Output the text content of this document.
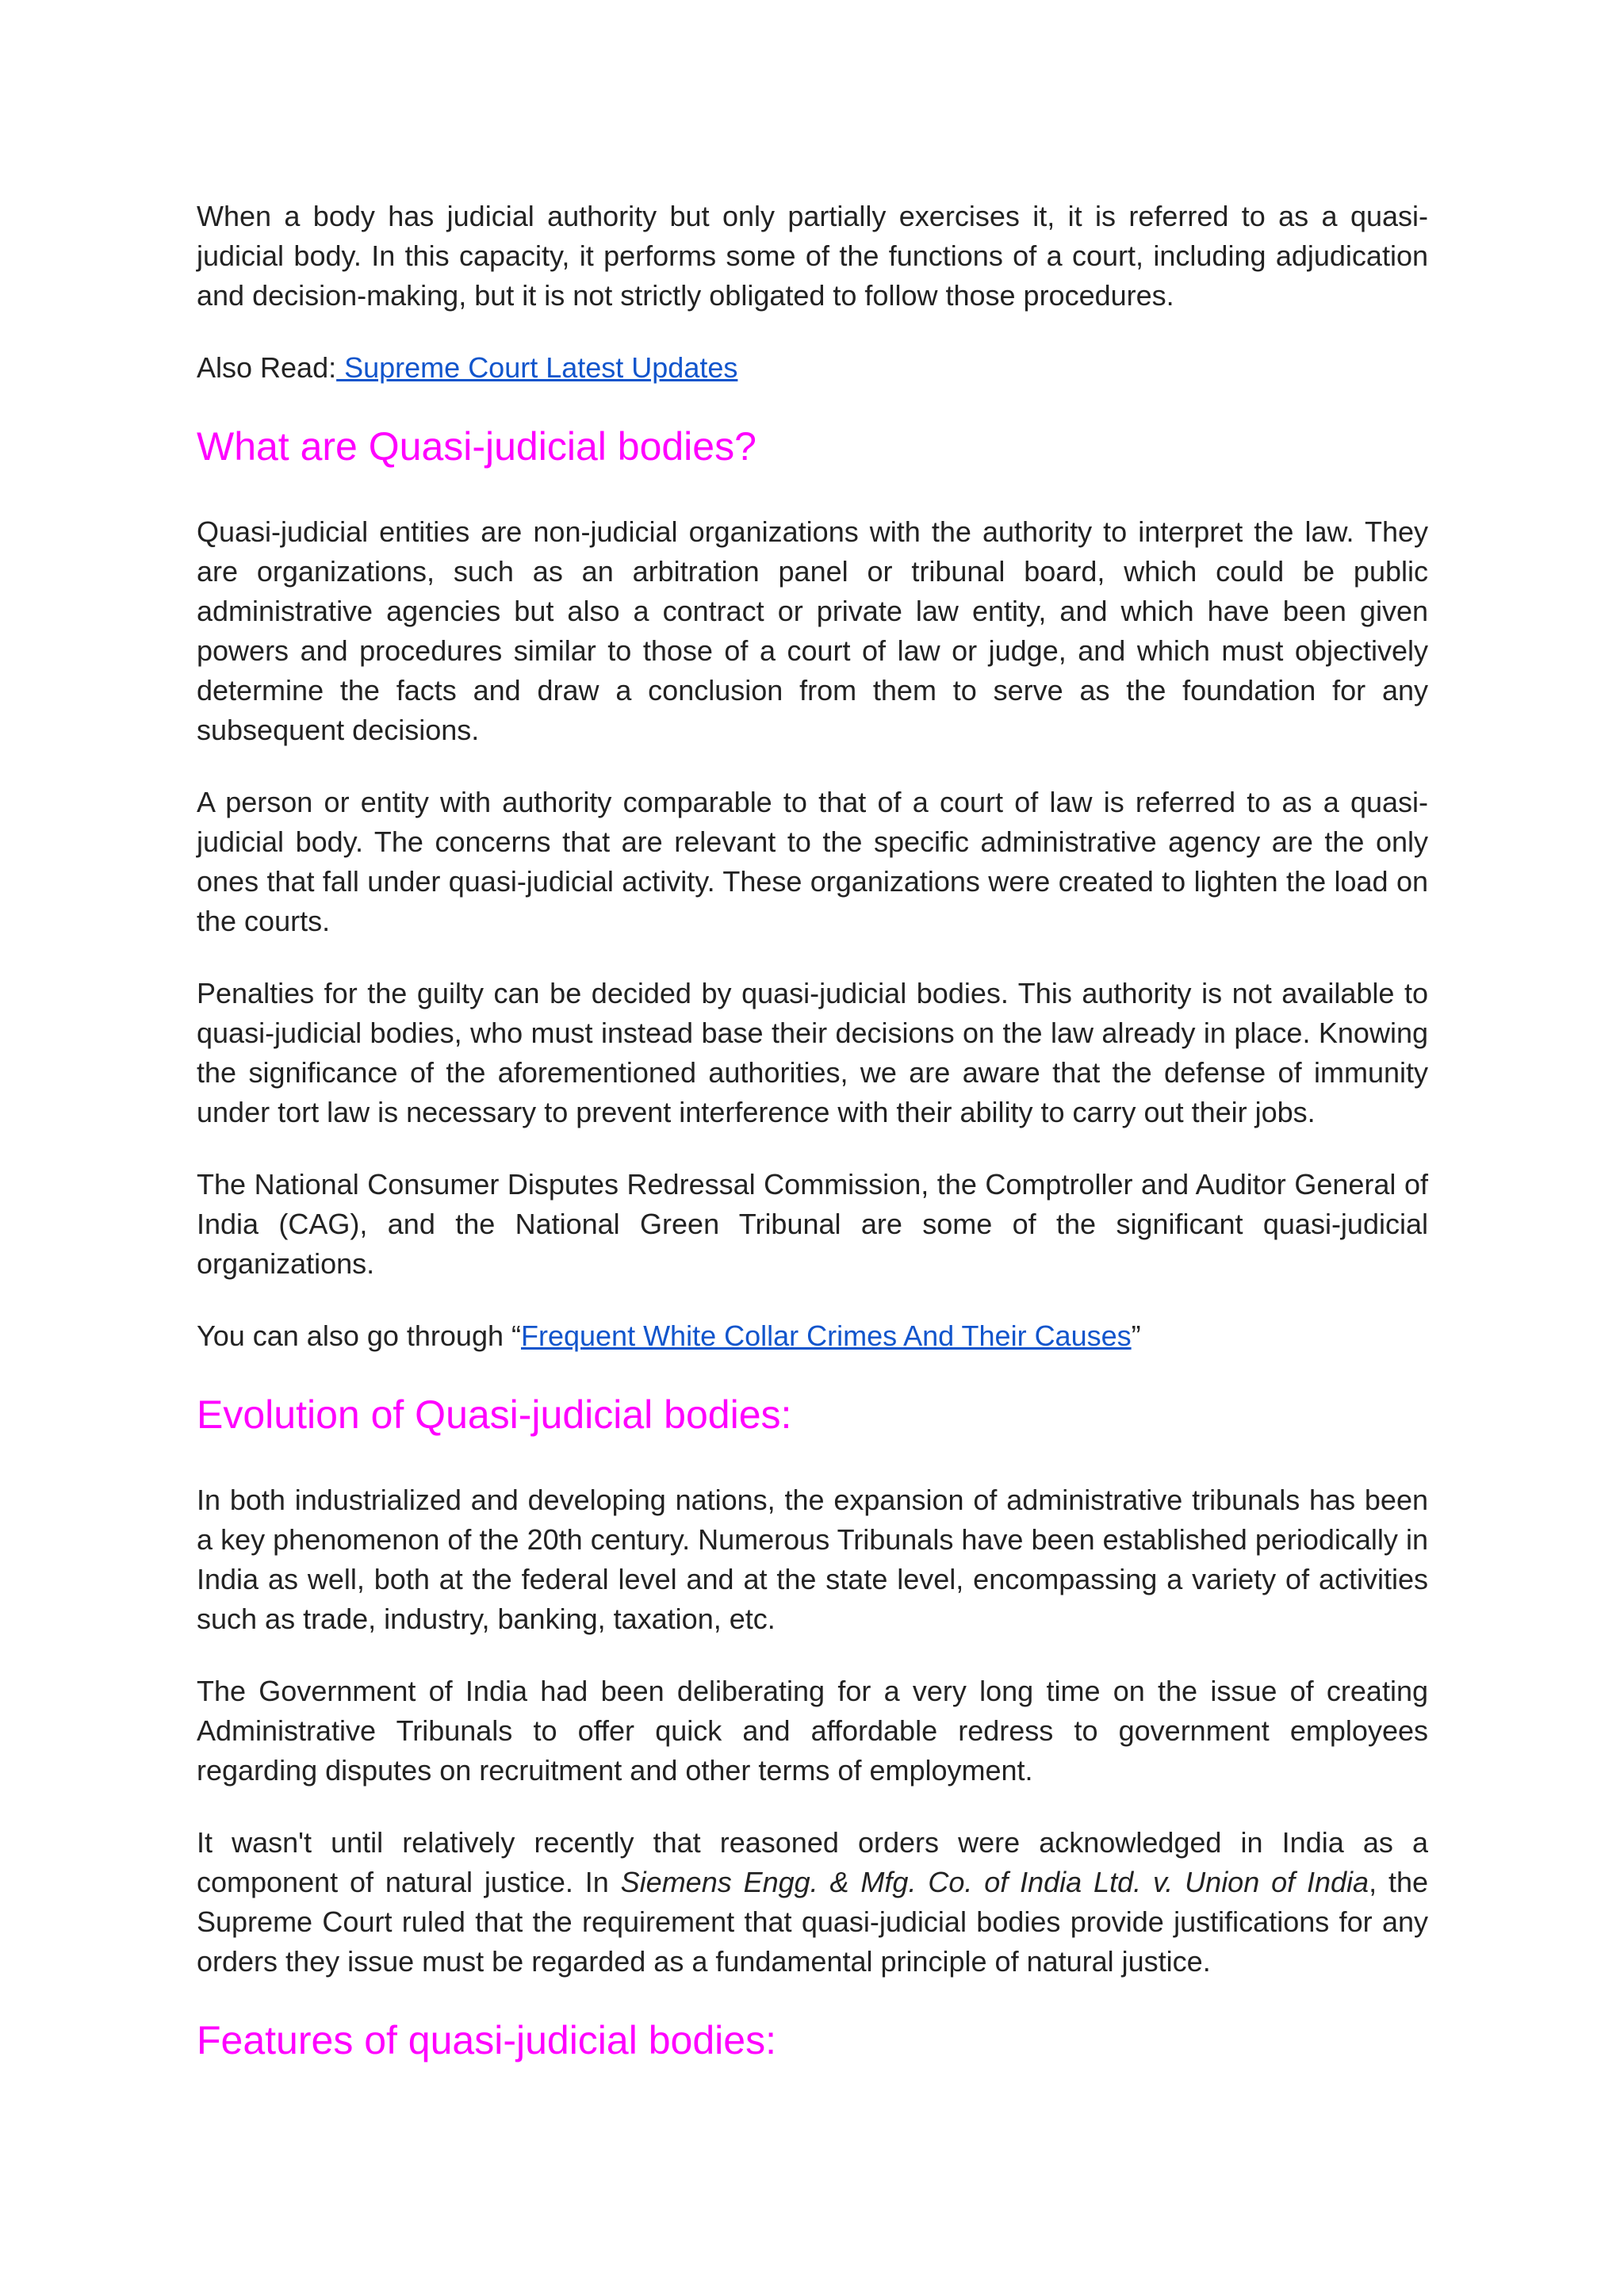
When a body has judicial authority but only partially exercises it, it is referred to as a quasi-judicial body. In this capacity, it performs some of the functions of a court, including adjudication and decision-making, but it is not strictly obligated to follow those procedures.

Also Read: Supreme Court Latest Updates

What are Quasi-judicial bodies?

Quasi-judicial entities are non-judicial organizations with the authority to interpret the law. They are organizations, such as an arbitration panel or tribunal board, which could be public administrative agencies but also a contract or private law entity, and which have been given powers and procedures similar to those of a court of law or judge, and which must objectively determine the facts and draw a conclusion from them to serve as the foundation for any subsequent decisions.

A person or entity with authority comparable to that of a court of law is referred to as a quasi-judicial body. The concerns that are relevant to the specific administrative agency are the only ones that fall under quasi-judicial activity. These organizations were created to lighten the load on the courts.

Penalties for the guilty can be decided by quasi-judicial bodies. This authority is not available to quasi-judicial bodies, who must instead base their decisions on the law already in place. Knowing the significance of the aforementioned authorities, we are aware that the defense of immunity under tort law is necessary to prevent interference with their ability to carry out their jobs.

The National Consumer Disputes Redressal Commission, the Comptroller and Auditor General of India (CAG), and the National Green Tribunal are some of the significant quasi-judicial organizations.

You can also go through “Frequent White Collar Crimes And Their Causes”

Evolution of Quasi-judicial bodies:

In both industrialized and developing nations, the expansion of administrative tribunals has been a key phenomenon of the 20th century. Numerous Tribunals have been established periodically in India as well, both at the federal level and at the state level, encompassing a variety of activities such as trade, industry, banking, taxation, etc.

The Government of India had been deliberating for a very long time on the issue of creating Administrative Tribunals to offer quick and affordable redress to government employees regarding disputes on recruitment and other terms of employment.

It wasn't until relatively recently that reasoned orders were acknowledged in India as a component of natural justice. In Siemens Engg. & Mfg. Co. of India Ltd. v. Union of India, the Supreme Court ruled that the requirement that quasi-judicial bodies provide justifications for any orders they issue must be regarded as a fundamental principle of natural justice.

Features of quasi-judicial bodies:
